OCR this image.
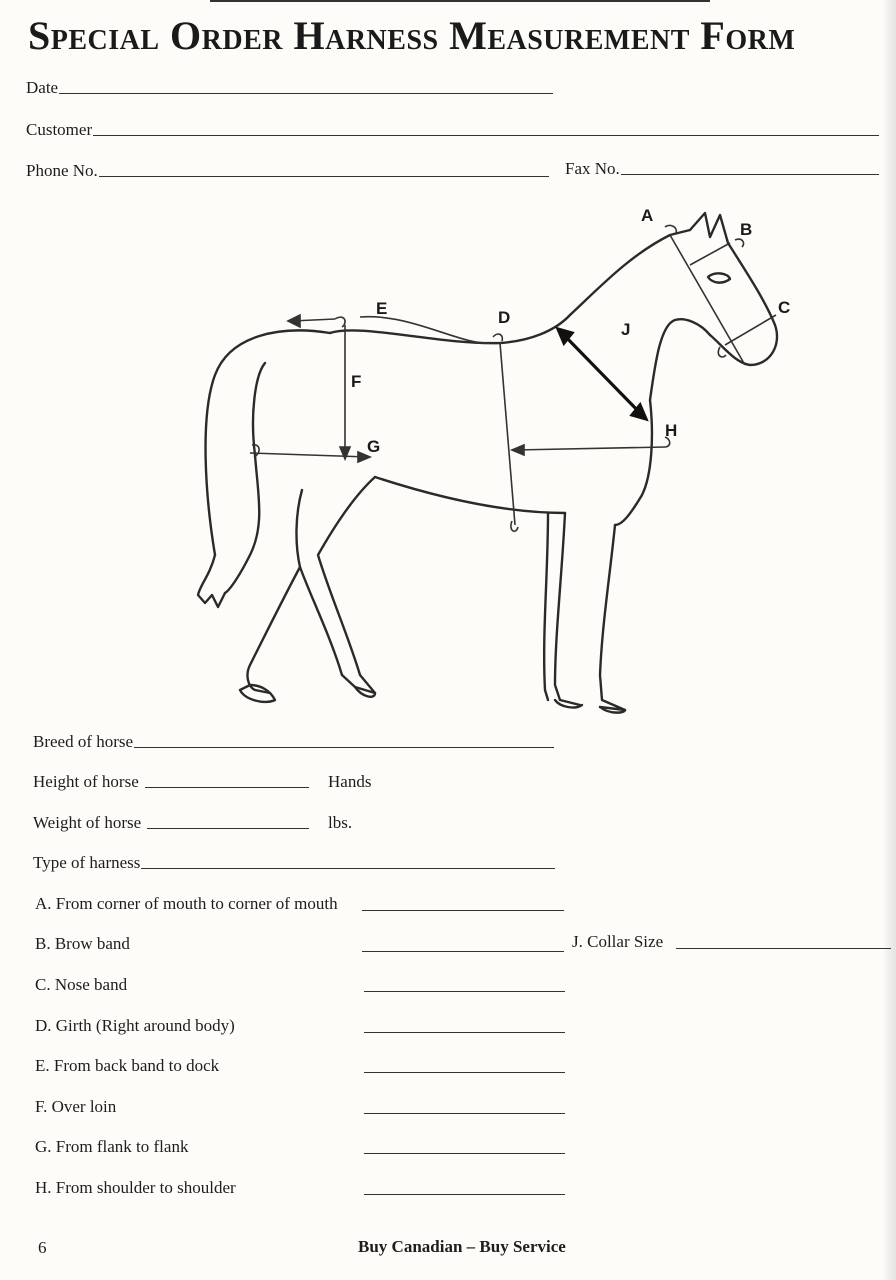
Special Order Harness Measurement Form
Date
Customer
Phone No.	Fax No.
A
B
C
D
E
F
G
H
J
Breed of horse
Height of horse	Hands
Weight of horse	lbs.
Type of harness
A. From corner of mouth to corner of mouth
B. Brow band	J. Collar Size
C. Nose band
D. Girth (Right around body)
E. From back band to dock
F. Over loin
G. From flank to flank
H. From shoulder to shoulder
6	Buy Canadian – Buy Service
